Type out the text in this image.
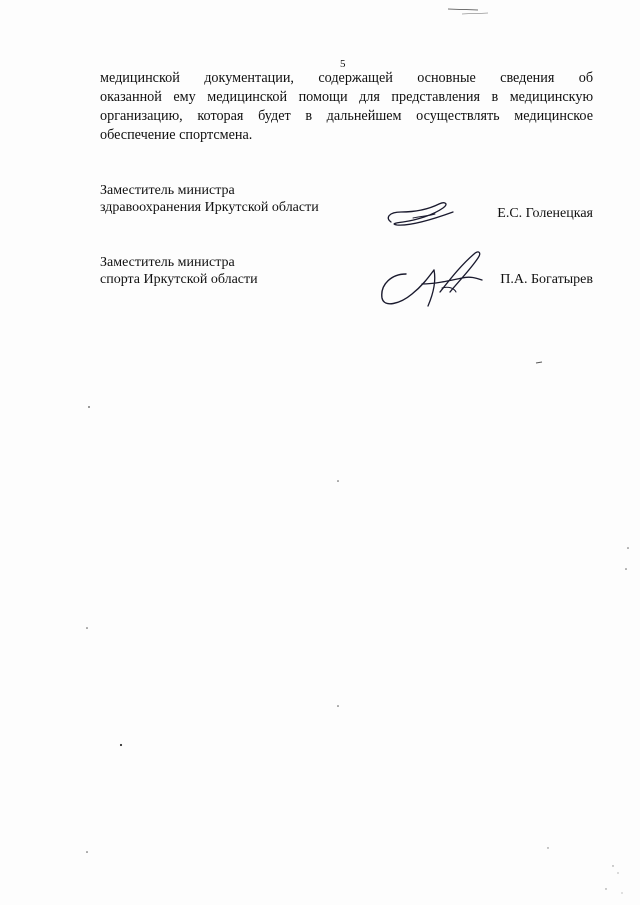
5
медицинской документации, содержащей основные сведения об
оказанной ему медицинской помощи для представления в медицинскую
организацию, которая будет в дальнейшем осуществлять медицинское
обеспечение спортсмена.
Заместитель министра
здравоохранения Иркутской области	Е.С. Голенецкая
Заместитель министра
спорта Иркутской области	П.А. Богатырев
